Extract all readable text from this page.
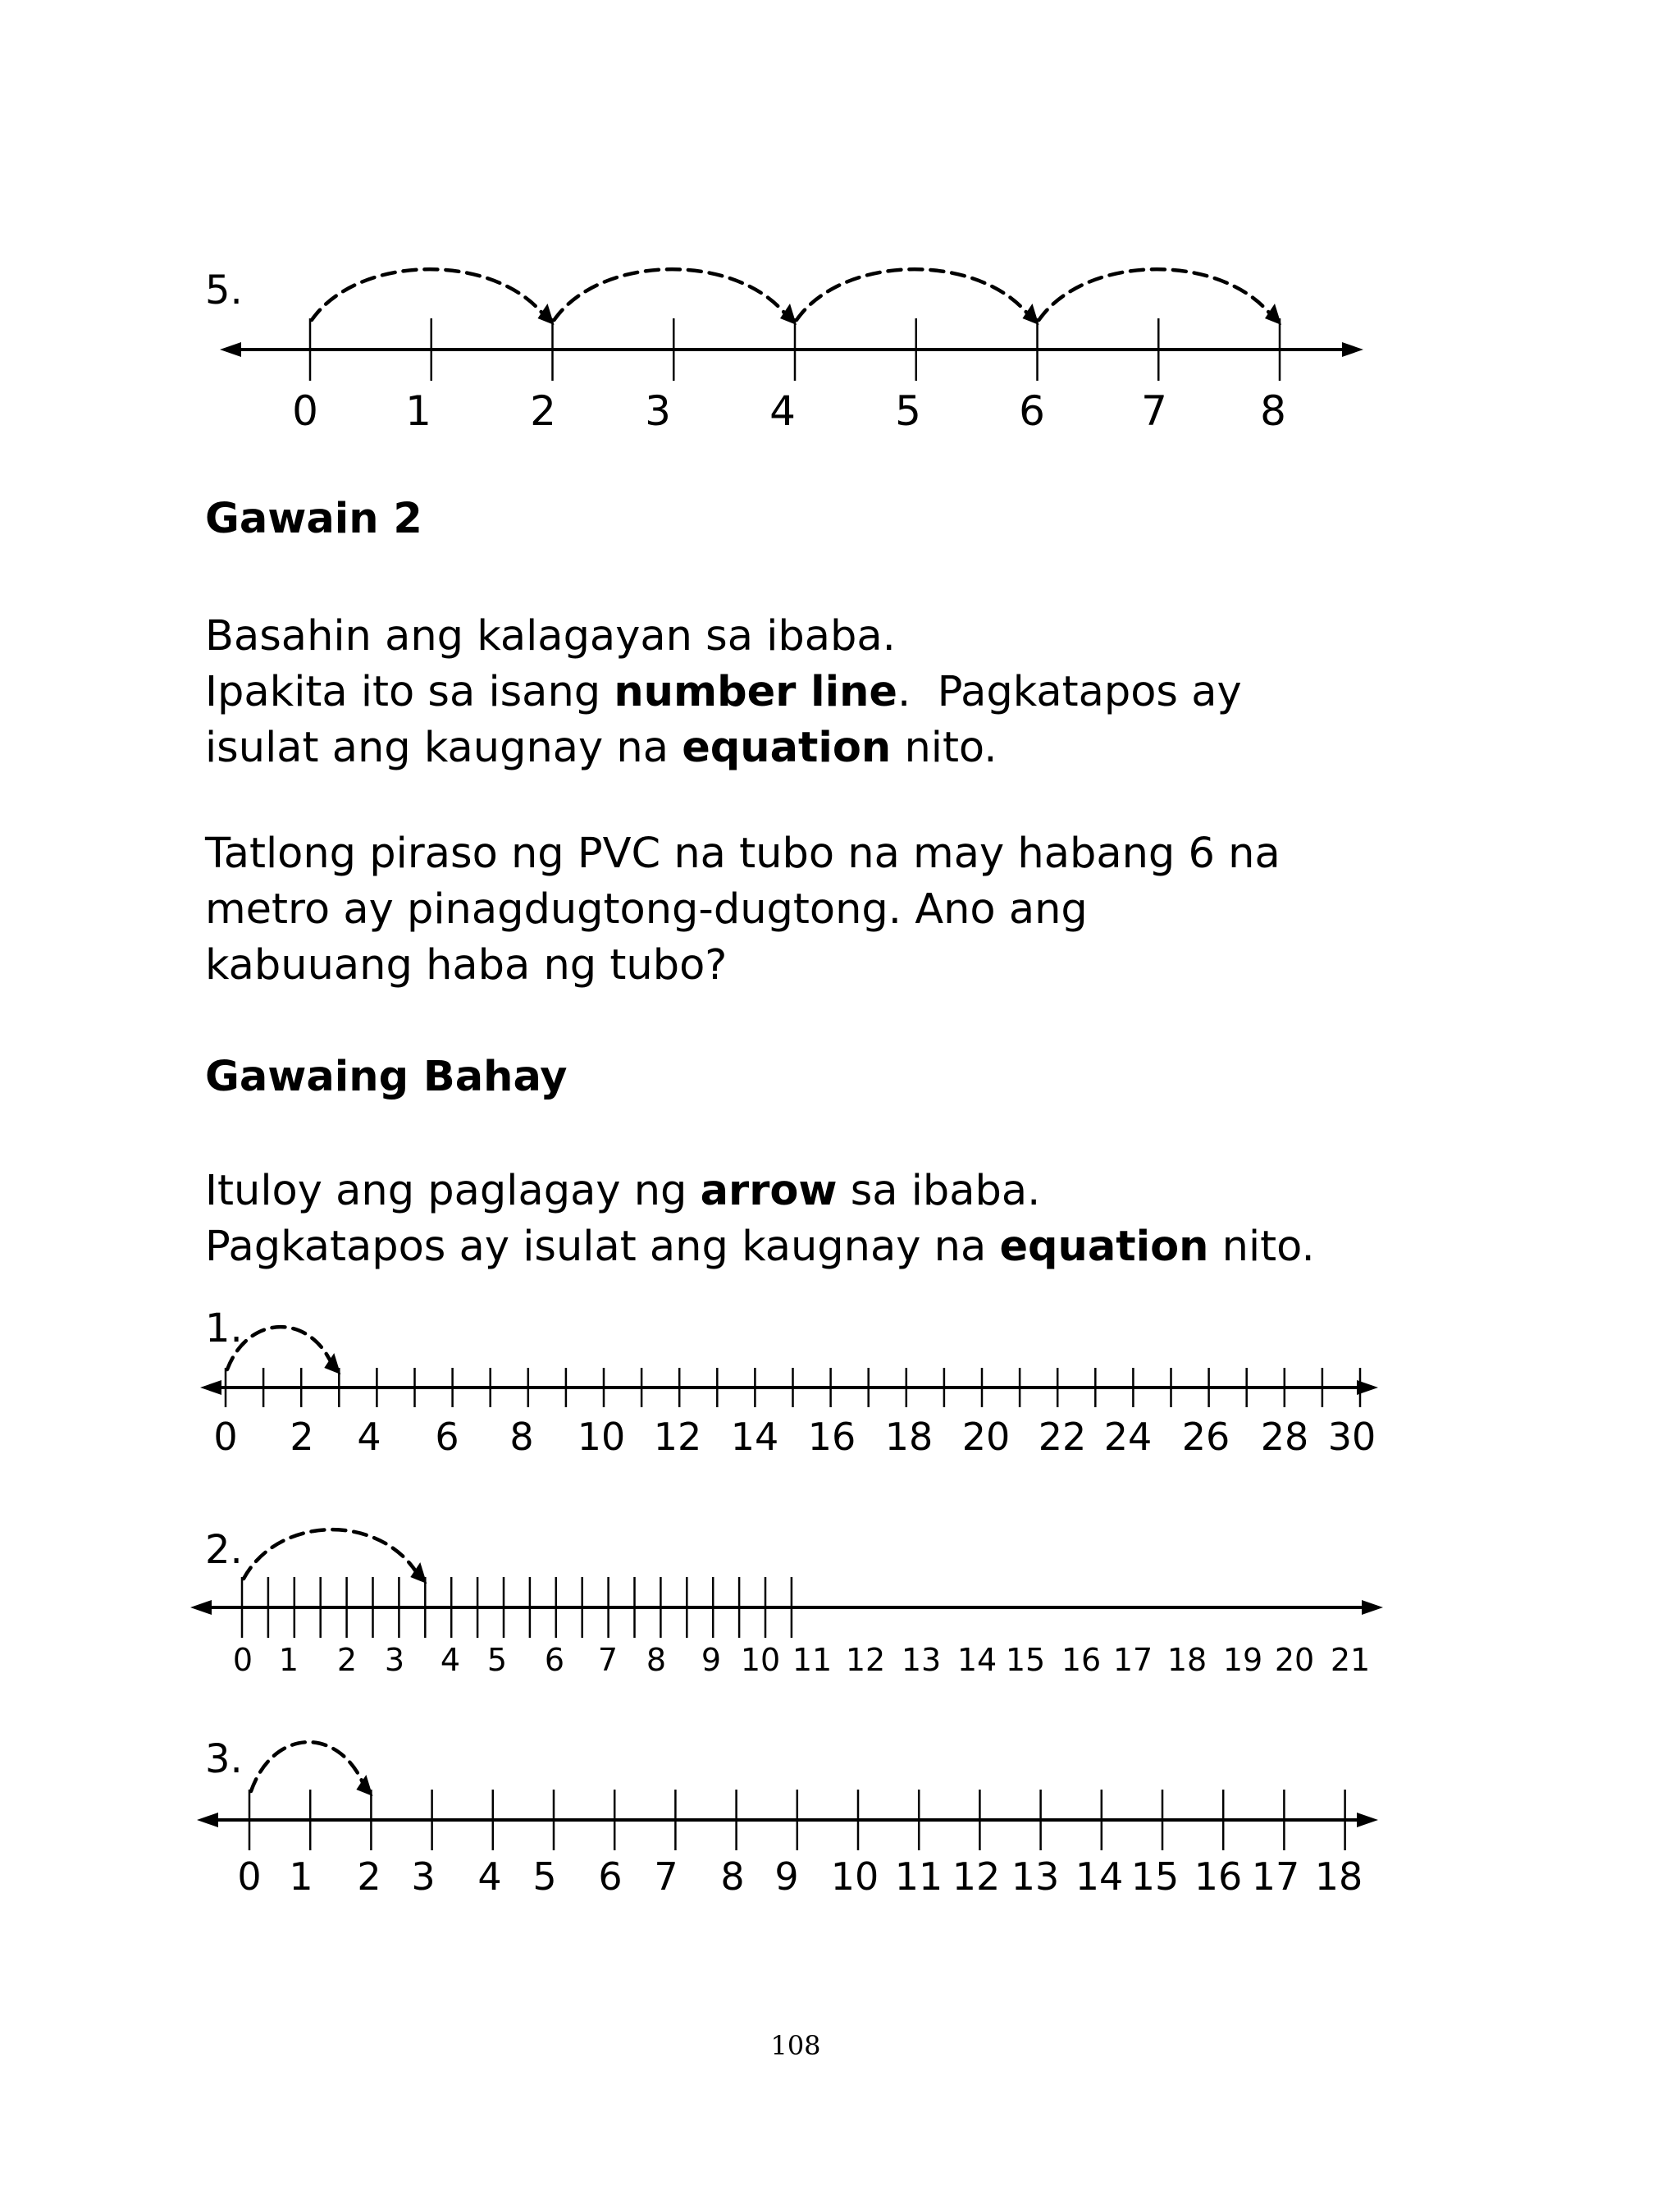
5.
0 1 2 3 4 5 6 7 8
Gawain 2
Basahin ang kalagayan sa ibaba.
Ipakita ito sa isang number line.  Pagkatapos ay
isulat ang kaugnay na equation nito.
Tatlong piraso ng PVC na tubo na may habang 6 na
metro ay pinagdugtong-dugtong. Ano ang
kabuuang haba ng tubo?
Gawaing Bahay
Ituloy ang paglagay ng arrow sa ibaba.
Pagkatapos ay isulat ang kaugnay na equation nito.
1.
0 2 4 6 8 10 12 14 16 18 20 22 24 26 28 30
2.
0 1 2 3 4 5 6 7 8 9 10 11 12 13 14 15 16 17 18 19 20 21
3.
0 1 2 3 4 5 6 7 8 9 10 11 12 13 14 15 16 17 18

108
